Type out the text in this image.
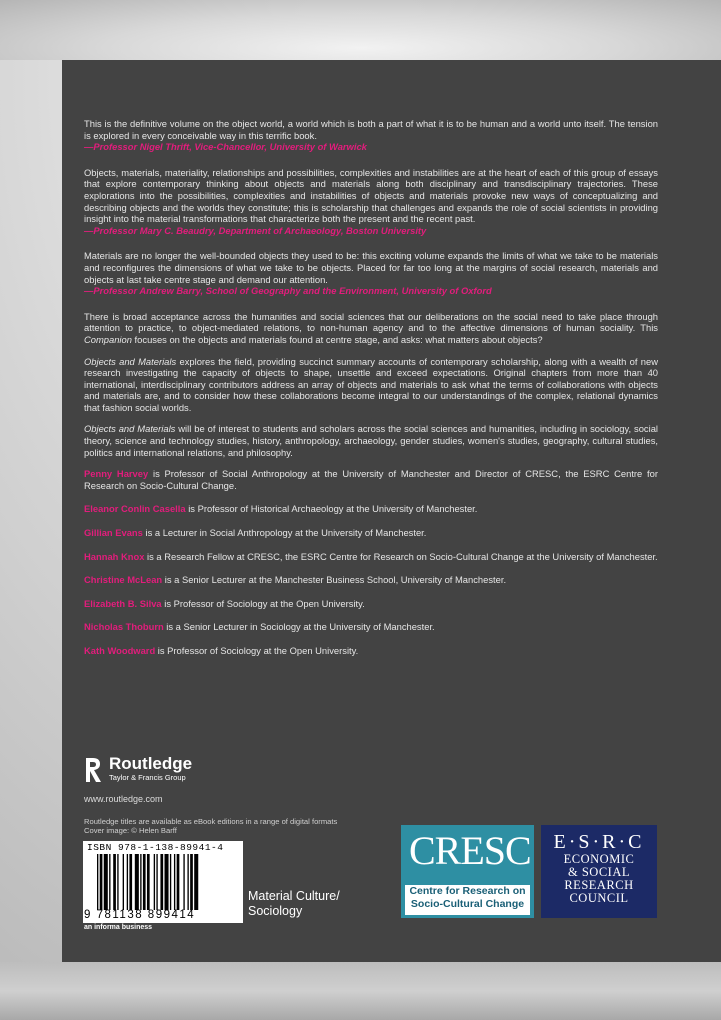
This is the definitive volume on the object world, a world which is both a part of what it is to be human and a world unto itself. The tension is explored in every conceivable way in this terrific book.
—Professor Nigel Thrift, Vice-Chancellor, University of Warwick

Objects, materials, materiality, relationships and possibilities, complexities and instabilities are at the heart of each of this group of essays that explore contemporary thinking about objects and materials along both disciplinary and transdisciplinary trajectories. These explorations into the possibilities, complexities and instabilities of objects and materials provoke new ways of conceptualizing and describing objects and the worlds they constitute; this is scholarship that challenges and expands the role of social scientists in providing insight into the material transformations that characterize both the present and the recent past.
—Professor Mary C. Beaudry, Department of Archaeology, Boston University

Materials are no longer the well-bounded objects they used to be: this exciting volume expands the limits of what we take to be materials and reconfigures the dimensions of what we take to be objects. Placed for far too long at the margins of social research, materials and objects at last take centre stage and demand our attention.
—Professor Andrew Barry, School of Geography and the Environment, University of Oxford

There is broad acceptance across the humanities and social sciences that our deliberations on the social need to take place through attention to practice, to object-mediated relations, to non-human agency and to the affective dimensions of human sociality. This Companion focuses on the objects and materials found at centre stage, and asks: what matters about objects?

Objects and Materials explores the field, providing succinct summary accounts of contemporary scholarship, along with a wealth of new research investigating the capacity of objects to shape, unsettle and exceed expectations. Original chapters from more than 40 international, interdisciplinary contributors address an array of objects and materials to ask what the terms of collaborations with objects and materials are, and to consider how these collaborations become integral to our understandings of the complex, relational dynamics that fashion social worlds.

Objects and Materials will be of interest to students and scholars across the social sciences and humanities, including in sociology, social theory, science and technology studies, history, anthropology, archaeology, gender studies, women's studies, geography, cultural studies, politics and international relations, and philosophy.

Penny Harvey is Professor of Social Anthropology at the University of Manchester and Director of CRESC, the ESRC Centre for Research on Socio-Cultural Change.

Eleanor Conlin Casella is Professor of Historical Archaeology at the University of Manchester.

Gillian Evans is a Lecturer in Social Anthropology at the University of Manchester.

Hannah Knox is a Research Fellow at CRESC, the ESRC Centre for Research on Socio-Cultural Change at the University of Manchester.

Christine McLean is a Senior Lecturer at the Manchester Business School, University of Manchester.

Elizabeth B. Silva is Professor of Sociology at the Open University.

Nicholas Thoburn is a Senior Lecturer in Sociology at the University of Manchester.

Kath Woodward is Professor of Sociology at the Open University.

Routledge
Taylor & Francis Group
www.routledge.com
Routledge titles are available as eBook editions in a range of digital formats
Cover image: © Helen Barff
ISBN 978-1-138-89941-4
9 781138 899414
an informa business
Material Culture/
Sociology
CRESC
Centre for Research on
Socio-Cultural Change
E·S·R·C
ECONOMIC
& SOCIAL
RESEARCH
COUNCIL
